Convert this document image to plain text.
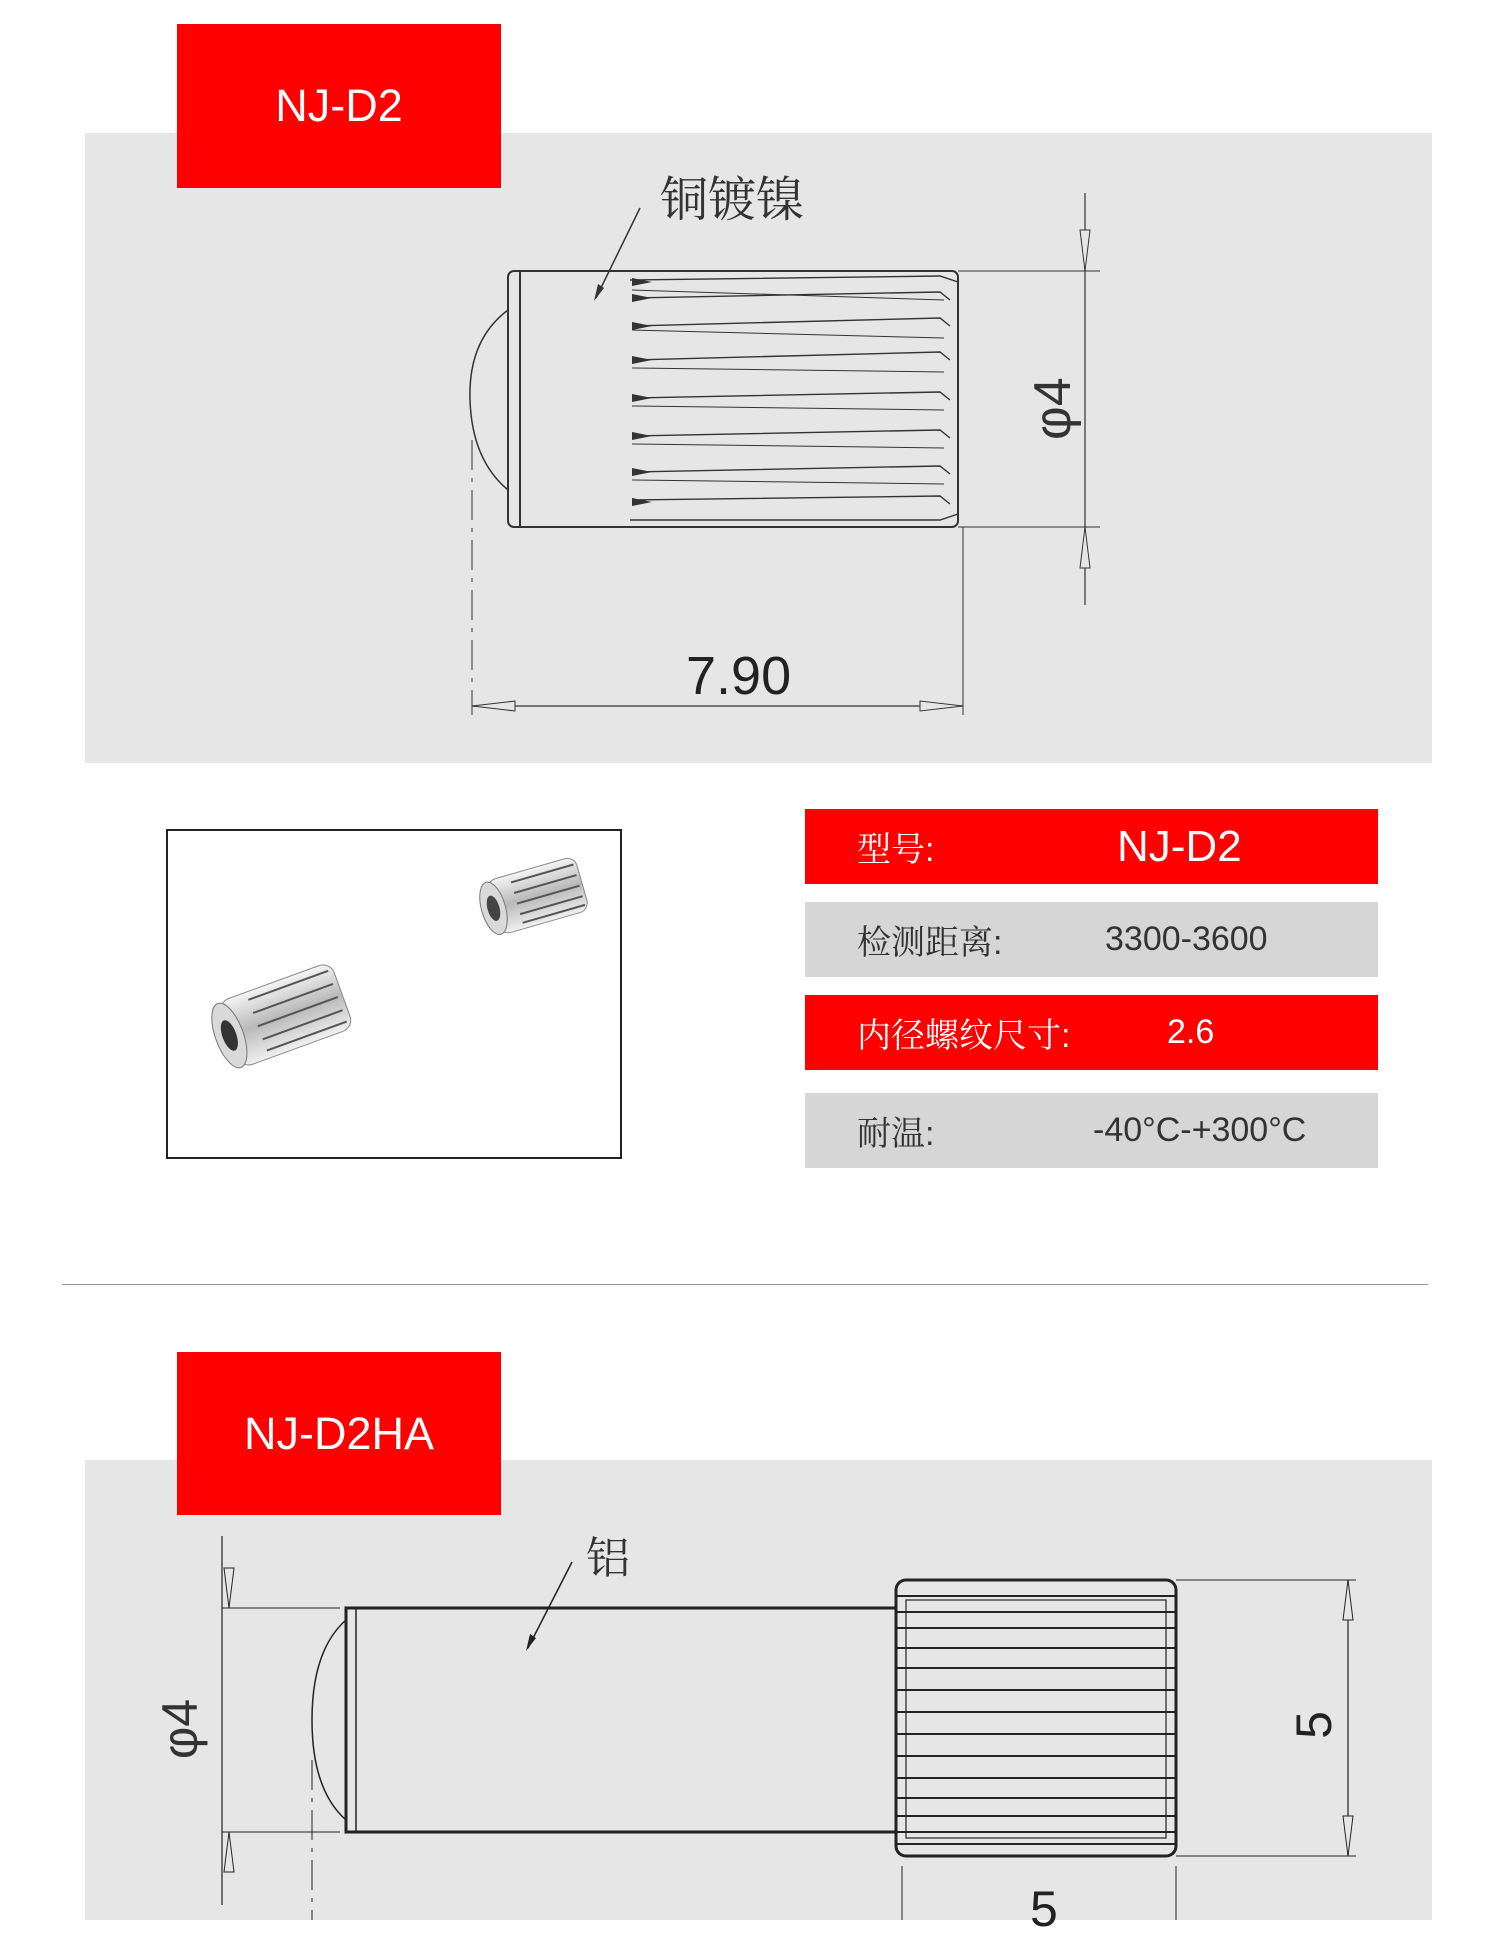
NJ-D2
铜镀镍
φ4
7.90
型号:	NJ-D2
检测距离:	3300-3600
内径螺纹尺寸:	2.6
耐温:	-40°C-+300°C
NJ-D2HA
铝
φ4	5
5
